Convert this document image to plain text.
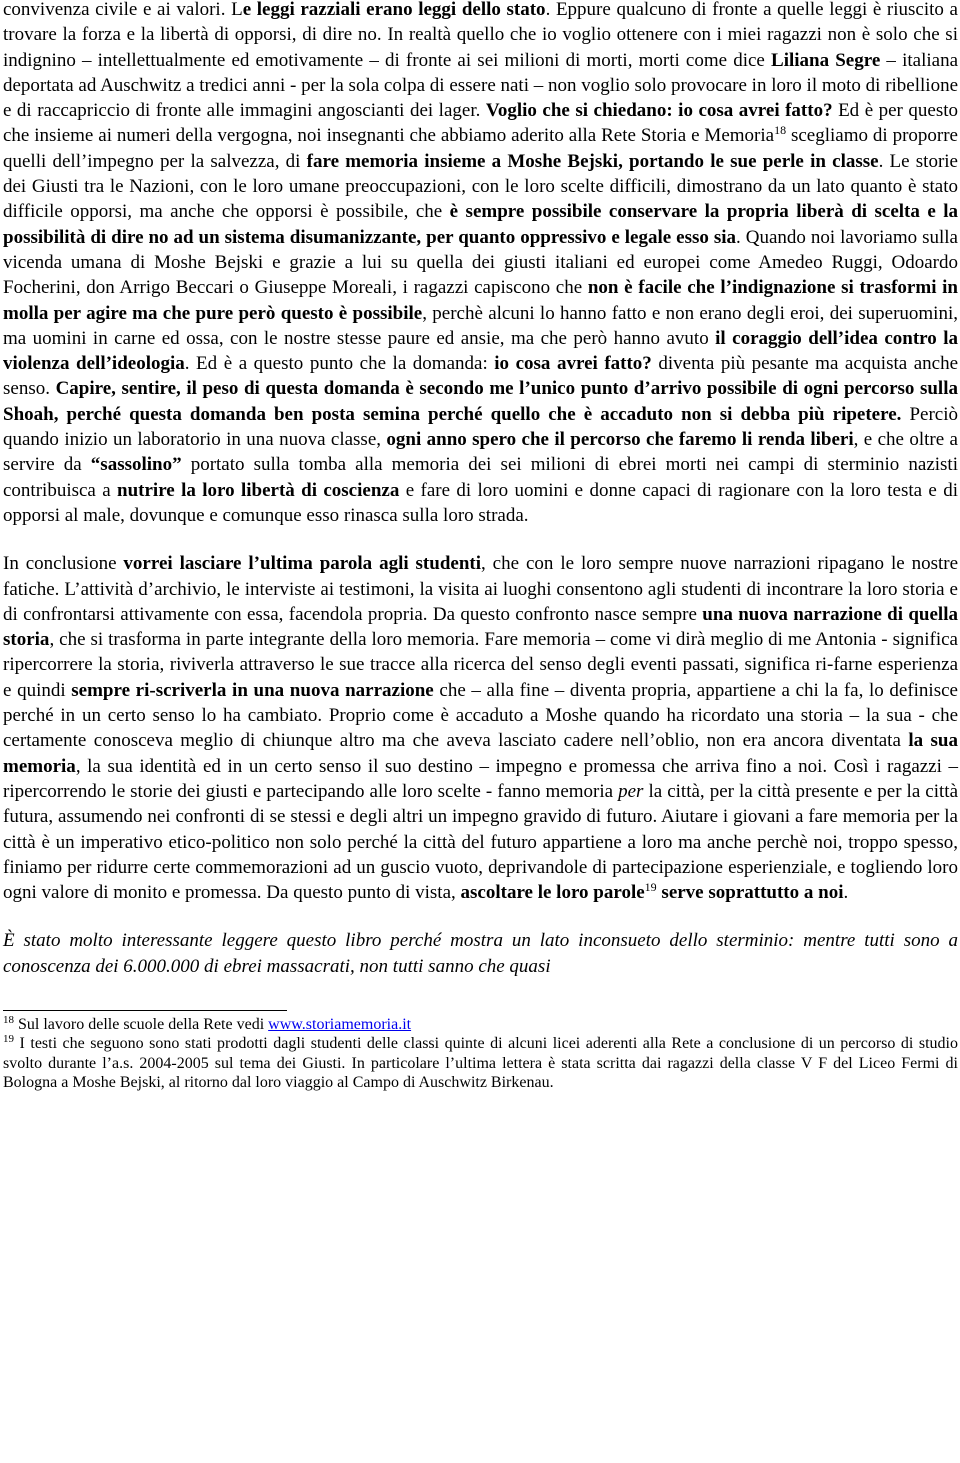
convivenza civile e ai valori. Le leggi razziali erano leggi dello stato. Eppure qualcuno di fronte a quelle leggi è riuscito a trovare la forza e la libertà di opporsi, di dire no. In realtà quello che io voglio ottenere con i miei ragazzi non è solo che si indignino – intellettualmente ed emotivamente – di fronte ai sei milioni di morti, morti come dice Liliana Segre – italiana deportata ad Auschwitz a tredici anni - per la sola colpa di essere nati – non voglio solo provocare in loro il moto di ribellione e di raccapriccio di fronte alle immagini angoscianti dei lager. Voglio che si chiedano: io cosa avrei fatto? Ed è per questo che insieme ai numeri della vergogna, noi insegnanti che abbiamo aderito alla Rete Storia e Memoria$^{18}$ scegliamo di proporre quelli dell’impegno per la salvezza, di fare memoria insieme a Moshe Bejski, portando le sue perle in classe. Le storie dei Giusti tra le Nazioni, con le loro umane preoccupazioni, con le loro scelte difficili, dimostrano da un lato quanto è stato difficile opporsi, ma anche che opporsi è possibile, che è sempre possibile conservare la propria liberà di scelta e la possibilità di dire no ad un sistema disumanizzante, per quanto oppressivo e legale esso sia. Quando noi lavoriamo sulla vicenda umana di Moshe Bejski e grazie a lui su quella dei giusti italiani ed europei come Amedeo Ruggi, Odoardo Focherini, don Arrigo Beccari o Giuseppe Moreali, i ragazzi capiscono che non è facile che l’indignazione si trasformi in molla per agire ma che pure però questo è possibile, perchè alcuni lo hanno fatto e non erano degli eroi, dei superuomini, ma uomini in carne ed ossa, con le nostre stesse paure ed ansie, ma che però hanno avuto il coraggio dell’idea contro la violenza dell’ideologia. Ed è a questo punto che la domanda: io cosa avrei fatto? diventa più pesante ma acquista anche senso. Capire, sentire, il peso di questa domanda è secondo me l’unico punto d’arrivo possibile di ogni percorso sulla Shoah, perché questa domanda ben posta semina perché quello che è accaduto non si debba più ripetere. Perciò quando inizio un laboratorio in una nuova classe, ogni anno spero che il percorso che faremo li renda liberi, e che oltre a servire da “sassolino” portato sulla tomba alla memoria dei sei milioni di ebrei morti nei campi di sterminio nazisti contribuisca a nutrire la loro libertà di coscienza e fare di loro uomini e donne capaci di ragionare con la loro testa e di opporsi al male, dovunque e comunque esso rinasca sulla loro strada.

In conclusione vorrei lasciare l’ultima parola agli studenti, che con le loro sempre nuove narrazioni ripagano le nostre fatiche. L’attività d’archivio, le interviste ai testimoni, la visita ai luoghi consentono agli studenti di incontrare la loro storia e di confrontarsi attivamente con essa, facendola propria. Da questo confronto nasce sempre una nuova narrazione di quella storia, che si trasforma in parte integrante della loro memoria. Fare memoria – come vi dirà meglio di me Antonia - significa ripercorrere la storia, riviverla attraverso le sue tracce alla ricerca del senso degli eventi passati, significa ri-farne esperienza e quindi sempre ri-scriverla in una nuova narrazione che – alla fine – diventa propria, appartiene a chi la fa, lo definisce perché in un certo senso lo ha cambiato. Proprio come è accaduto a Moshe quando ha ricordato una storia – la sua - che certamente conosceva meglio di chiunque altro ma che aveva lasciato cadere nell’oblio, non era ancora diventata la sua memoria, la sua identità ed in un certo senso il suo destino – impegno e promessa che arriva fino a noi. Così i ragazzi – ripercorrendo le storie dei giusti e partecipando alle loro scelte - fanno memoria per la città, per la città presente e per la città futura, assumendo nei confronti di se stessi e degli altri un impegno gravido di futuro. Aiutare i giovani a fare memoria per la città è un imperativo etico-politico non solo perché la città del futuro appartiene a loro ma anche perchè noi, troppo spesso, finiamo per ridurre certe commemorazioni ad un guscio vuoto, deprivandole di partecipazione esperienziale, e togliendo loro ogni valore di monito e promessa. Da questo punto di vista, ascoltare le loro parole$^{19}$ serve soprattutto a noi.

È stato molto interessante leggere questo libro perché mostra un lato inconsueto dello sterminio: mentre tutti sono a conoscenza dei 6.000.000 di ebrei massacrati, non tutti sanno che quasi

$^{18}$ Sul lavoro delle scuole della Rete vedi www.storiamemoria.it

$^{19}$ I testi che seguono sono stati prodotti dagli studenti delle classi quinte di alcuni licei aderenti alla Rete a conclusione di un percorso di studio svolto durante l’a.s. 2004-2005 sul tema dei Giusti. In particolare l’ultima lettera è stata scritta dai ragazzi della classe V F del Liceo Fermi di Bologna a Moshe Bejski, al ritorno dal loro viaggio al Campo di Auschwitz Birkenau.
